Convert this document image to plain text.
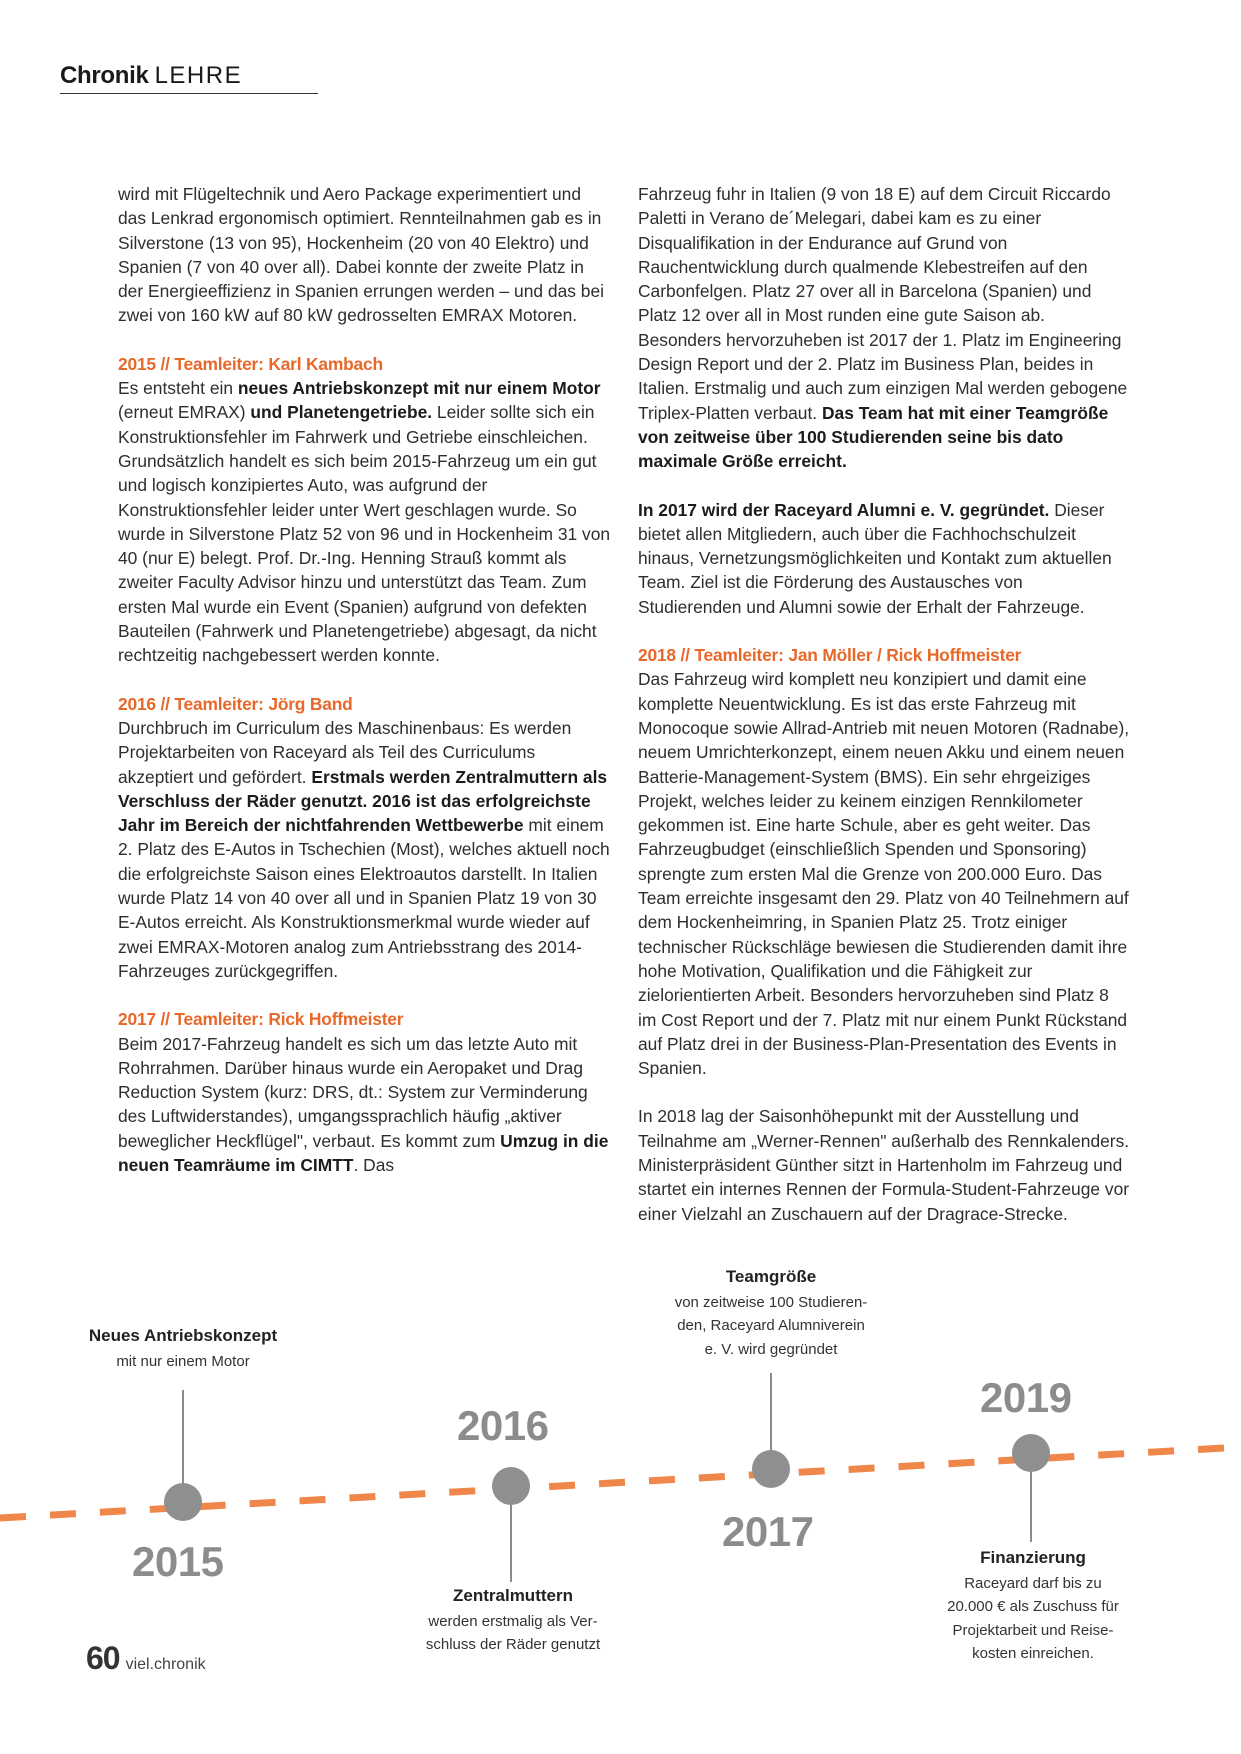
Chronik LEHRE

wird mit Flügeltechnik und Aero Package experimentiert und das Lenkrad ergonomisch optimiert. Rennteilnahmen gab es in Silverstone (13 von 95), Hockenheim (20 von 40 Elektro) und Spanien (7 von 40 over all). Dabei konnte der zweite Platz in der Energieeffizienz in Spanien errungen werden – und das bei zwei von 160 kW auf 80 kW gedrosselten EMRAX Motoren.

2015 // Teamleiter: Karl Kambach

Es entsteht ein neues Antriebskonzept mit nur einem Motor (erneut EMRAX) und Planetengetriebe. Leider sollte sich ein Konstruktionsfehler im Fahrwerk und Getriebe einschleichen. Grundsätzlich handelt es sich beim 2015-Fahrzeug um ein gut und logisch konzipiertes Auto, was aufgrund der Konstruktionsfehler leider unter Wert geschlagen wurde. So wurde in Silverstone Platz 52 von 96 und in Hockenheim 31 von 40 (nur E) belegt. Prof. Dr.-Ing. Henning Strauß kommt als zweiter Faculty Advisor hinzu und unterstützt das Team. Zum ersten Mal wurde ein Event (Spanien) aufgrund von defekten Bauteilen (Fahrwerk und Planetengetriebe) abgesagt, da nicht rechtzeitig nachgebessert werden konnte.

2016 // Teamleiter: Jörg Band

Durchbruch im Curriculum des Maschinenbaus: Es werden Projektarbeiten von Raceyard als Teil des Curriculums akzeptiert und gefördert. Erstmals werden Zentralmuttern als Verschluss der Räder genutzt. 2016 ist das erfolgreichste Jahr im Bereich der nichtfahrenden Wettbewerbe mit einem 2. Platz des E-Autos in Tschechien (Most), welches aktuell noch die erfolgreichste Saison eines Elektroautos darstellt. In Italien wurde Platz 14 von 40 over all und in Spanien Platz 19 von 30 E-Autos erreicht. Als Konstruktionsmerkmal wurde wieder auf zwei EMRAX-Motoren analog zum Antriebsstrang des 2014-Fahrzeuges zurückgegriffen.

2017 // Teamleiter: Rick Hoffmeister

Beim 2017-Fahrzeug handelt es sich um das letzte Auto mit Rohrrahmen. Darüber hinaus wurde ein Aeropaket und Drag Reduction System (kurz: DRS, dt.: System zur Verminderung des Luftwiderstandes), umgangssprachlich häufig „aktiver beweglicher Heckflügel", verbaut. Es kommt zum Umzug in die neuen Teamräume im CIMTT. Das

Fahrzeug fuhr in Italien (9 von 18 E) auf dem Circuit Riccardo Paletti in Verano de´Melegari, dabei kam es zu einer Disqualifikation in der Endurance auf Grund von Rauchentwicklung durch qualmende Klebestreifen auf den Carbonfelgen. Platz 27 over all in Barcelona (Spanien) und Platz 12 over all in Most runden eine gute Saison ab. Besonders hervorzuheben ist 2017 der 1. Platz im Engineering Design Report und der 2. Platz im Business Plan, beides in Italien. Erstmalig und auch zum einzigen Mal werden gebogene Triplex-Platten verbaut. Das Team hat mit einer Teamgröße von zeitweise über 100 Studierenden seine bis dato maximale Größe erreicht.

In 2017 wird der Raceyard Alumni e. V. gegründet. Dieser bietet allen Mitgliedern, auch über die Fachhochschulzeit hinaus, Vernetzungsmöglichkeiten und Kontakt zum aktuellen Team. Ziel ist die Förderung des Austausches von Studierenden und Alumni sowie der Erhalt der Fahrzeuge.

2018 // Teamleiter: Jan Möller / Rick Hoffmeister

Das Fahrzeug wird komplett neu konzipiert und damit eine komplette Neuentwicklung. Es ist das erste Fahrzeug mit Monocoque sowie Allrad-Antrieb mit neuen Motoren (Radnabe), neuem Umrichterkonzept, einem neuen Akku und einem neuen Batterie-Management-System (BMS). Ein sehr ehrgeiziges Projekt, welches leider zu keinem einzigen Rennkilometer gekommen ist. Eine harte Schule, aber es geht weiter. Das Fahrzeugbudget (einschließlich Spenden und Sponsoring) sprengte zum ersten Mal die Grenze von 200.000 Euro. Das Team erreichte insgesamt den 29. Platz von 40 Teilnehmern auf dem Hockenheimring, in Spanien Platz 25. Trotz einiger technischer Rückschläge bewiesen die Studierenden damit ihre hohe Motivation, Qualifikation und die Fähigkeit zur zielorientierten Arbeit. Besonders hervorzuheben sind Platz 8 im Cost Report und der 7. Platz mit nur einem Punkt Rückstand auf Platz drei in der Business-Plan-Presentation des Events in Spanien.

In 2018 lag der Saisonhöhepunkt mit der Ausstellung und Teilnahme am „Werner-Rennen" außerhalb des Rennkalenders. Ministerpräsident Günther sitzt in Hartenholm im Fahrzeug und startet ein internes Rennen der Formula-Student-Fahrzeuge vor einer Vielzahl an Zuschauern auf der Dragrace-Strecke.

2015
2016
2017
2019
Neues Antriebskonzept
mit nur einem Motor
Zentralmuttern
werden erstmalig als Ver-
schluss der Räder genutzt
Teamgröße
von zeitweise 100 Studieren-
den, Raceyard Alumniverein
e. V. wird gegründet
Finanzierung
Raceyard darf bis zu
20.000 € als Zuschuss für
Projektarbeit und Reise-
kosten einreichen.
60 viel.chronik
